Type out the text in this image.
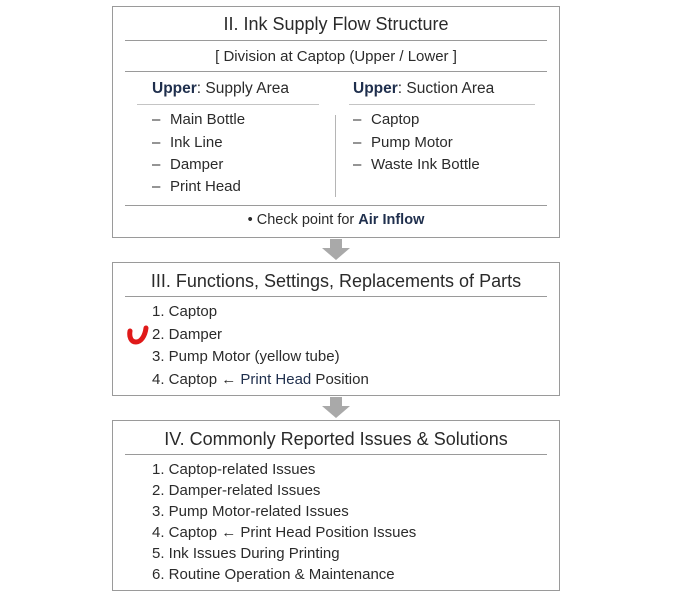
II. Ink Supply Flow Structure
[ Division at Captop (Upper / Lower ]
Upper: Supply Area	Upper: Suction Area
– Main Bottle
– Ink Line
– Damper
– Print Head
– Captop
– Pump Motor
– Waste Ink Bottle
• Check point for Air Inflow
III. Functions, Settings, Replacements of Parts
1. Captop
2. Damper
3. Pump Motor (yellow tube)
4. Captop ← Print Head Position
IV. Commonly Reported Issues & Solutions
1. Captop-related Issues
2. Damper-related Issues
3. Pump Motor-related Issues
4. Captop ← Print Head Position Issues
5. Ink Issues During Printing
6. Routine Operation & Maintenance
